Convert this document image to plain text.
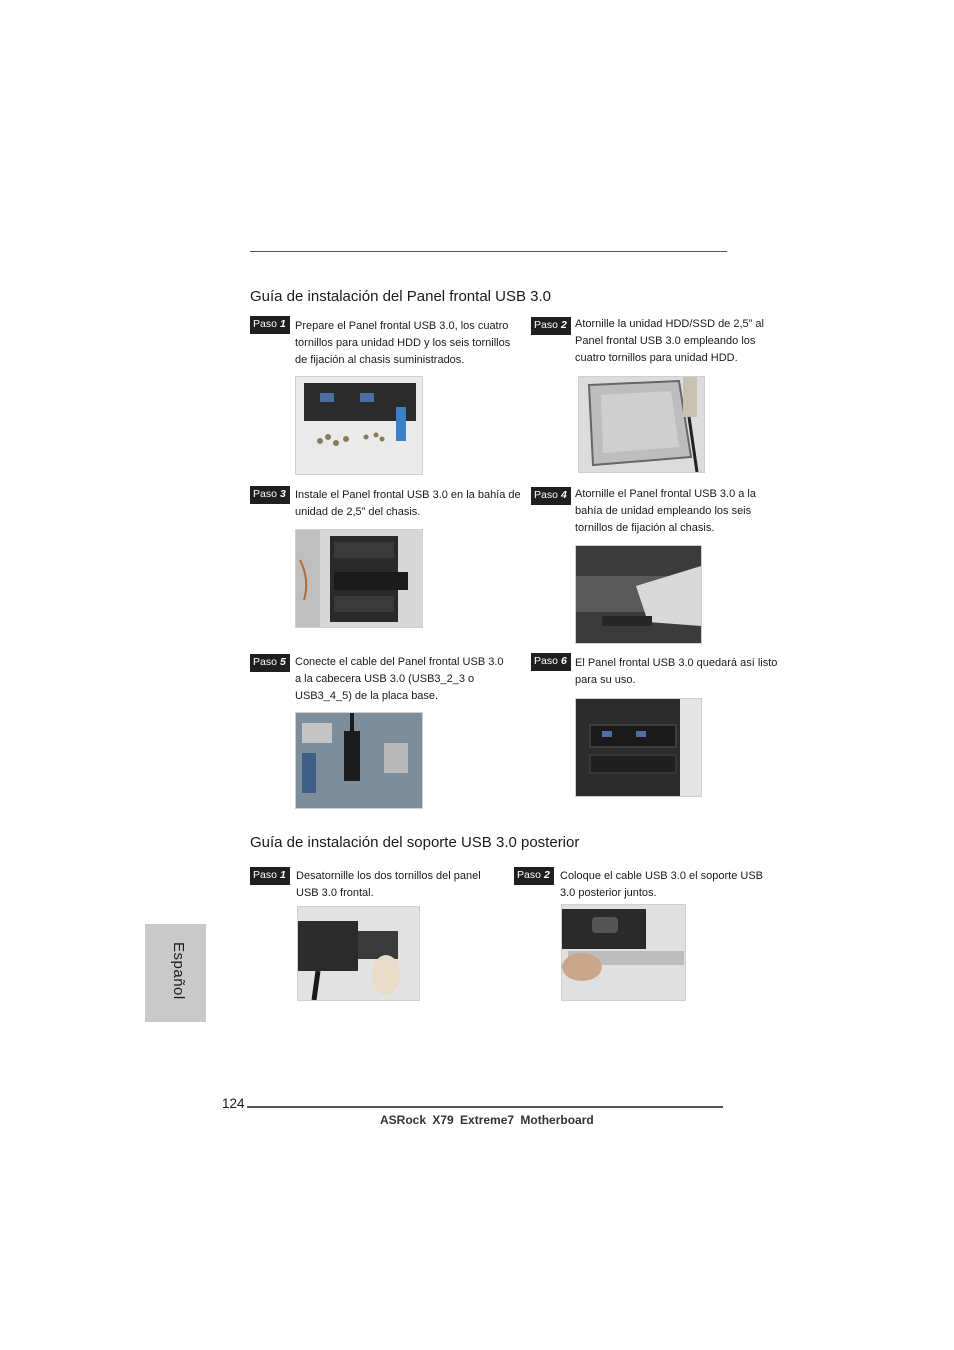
Guía de instalación del Panel frontal USB 3.0
Paso 1 Prepare el Panel frontal USB 3.0, los cuatro tornillos para unidad HDD y los seis tornillos de fijación al chasis suministrados.
Paso 2 Atornille la unidad HDD/SSD de 2,5” al Panel frontal USB 3.0 empleando los cuatro tornillos para unidad HDD.
Paso 3 Instale el Panel frontal USB 3.0 en la bahía de unidad de 2,5” del chasis.
Paso 4 Atornille el Panel frontal USB 3.0 a la bahía de unidad empleando los seis tornillos de fijación al chasis.
Paso 5 Conecte el cable del Panel frontal USB 3.0 a la cabecera USB 3.0 (USB3_2_3 o USB3_4_5) de la placa base.
Paso 6 El Panel frontal USB 3.0 quedará así listo para su uso.
Guía de instalación del soporte USB 3.0 posterior
Paso 1 Desatornille los dos tornillos del panel USB 3.0 frontal.
Paso 2 Coloque el cable USB 3.0 el soporte USB 3.0 posterior juntos.
Español
124
ASRock X79 Extreme7 Motherboard
